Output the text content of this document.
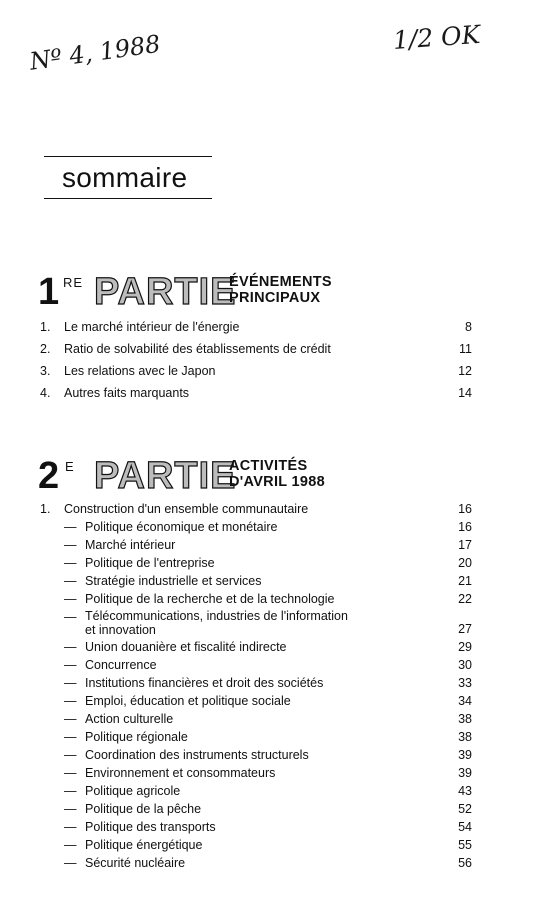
Nº 4, 1988	1/2 OK
sommaire
1 RE PARTIE
ÉVÉNEMENTS
PRINCIPAUX
1.	Le marché intérieur de l'énergie	8
2.	Ratio de solvabilité des établissements de crédit	11
3.	Les relations avec le Japon	12
4.	Autres faits marquants	14
2 E PARTIE
ACTIVITÉS
D'AVRIL 1988
1.	Construction d'un ensemble communautaire	16
— Politique économique et monétaire	16
— Marché intérieur	17
— Politique de l'entreprise	20
— Stratégie industrielle et services	21
— Politique de la recherche et de la technologie	22
— Télécommunications, industries de l'information
et innovation	27
— Union douanière et fiscalité indirecte	29
— Concurrence	30
— Institutions financières et droit des sociétés	33
— Emploi, éducation et politique sociale	34
— Action culturelle	38
— Politique régionale	38
— Coordination des instruments structurels	39
— Environnement et consommateurs	39
— Politique agricole	43
— Politique de la pêche	52
— Politique des transports	54
— Politique énergétique	55
— Sécurité nucléaire	56
